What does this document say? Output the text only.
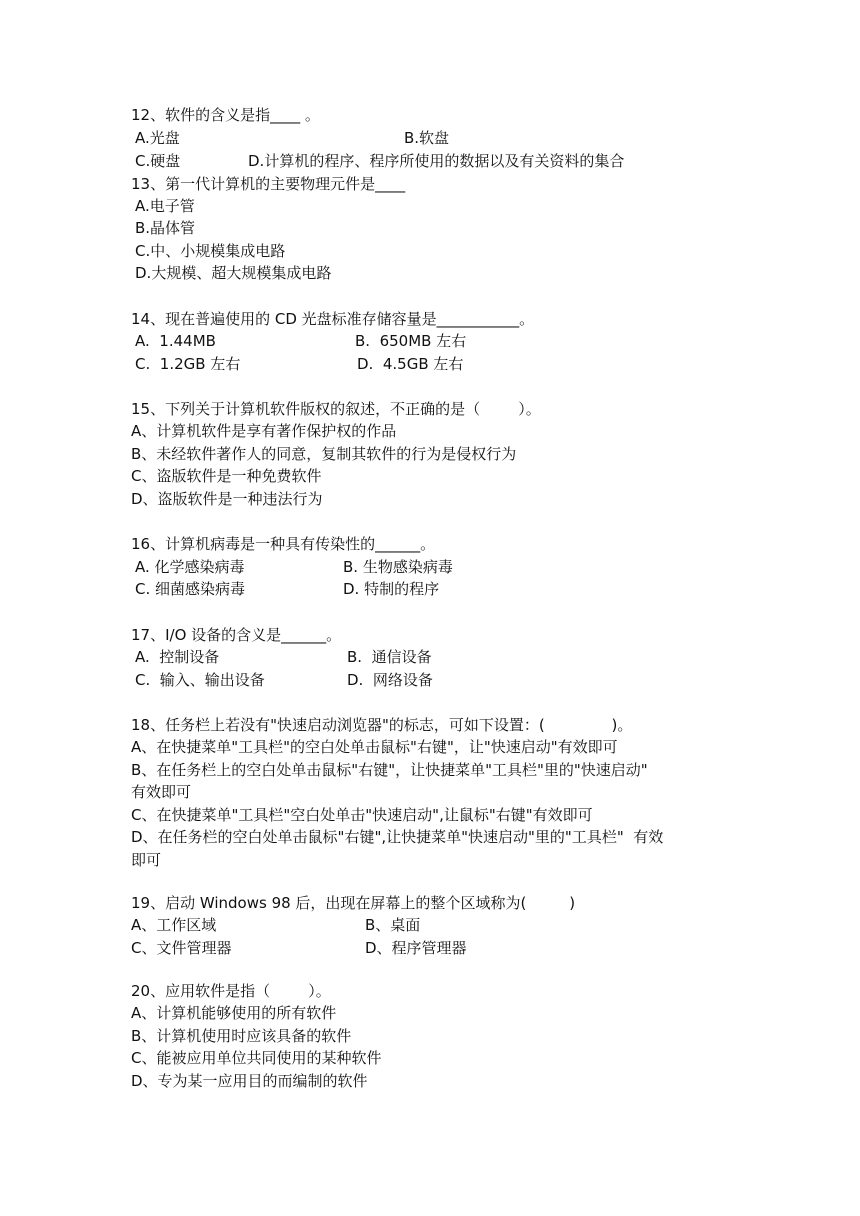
12、软件的含义是指____ 。
A.光盘	B.软盘
C.硬盘	D.计算机的程序、程序所使用的数据以及有关资料的集合
13、第一代计算机的主要物理元件是____
A.电子管
B.晶体管
C.中、小规模集成电路
D.大规模、超大规模集成电路
14、现在普遍使用的 CD 光盘标准存储容量是___________。
A.  1.44MB	B.  650MB 左右
C.  1.2GB 左右	D.  4.5GB 左右
15、下列关于计算机软件版权的叙述，不正确的是（        ）。
A、计算机软件是享有著作保护权的作品
B、未经软件著作人的同意，复制其软件的行为是侵权行为
C、盗版软件是一种免费软件
D、盗版软件是一种违法行为
16、计算机病毒是一种具有传染性的______。
A. 化学感染病毒	B. 生物感染病毒
C. 细菌感染病毒	D. 特制的程序
17、I/O 设备的含义是______。
A.  控制设备	B.  通信设备
C.  输入、输出设备	D.  网络设备
18、任务栏上若没有"快速启动浏览器"的标志，可如下设置：(              )。
A、在快捷菜单"工具栏"的空白处单击鼠标"右键"，让"快速启动"有效即可
B、在任务栏上的空白处单击鼠标"右键"，让快捷菜单"工具栏"里的"快速启动"
有效即可
C、在快捷菜单"工具栏"空白处单击"快速启动",让鼠标"右键"有效即可
D、在任务栏的空白处单击鼠标"右键",让快捷菜单"快速启动"里的"工具栏"  有效
即可
19、启动 Windows 98 后，出现在屏幕上的整个区域称为(         )
A、工作区域	B、桌面
C、文件管理器	D、程序管理器
20、应用软件是指（        ）。
A、计算机能够使用的所有软件
B、计算机使用时应该具备的软件
C、能被应用单位共同使用的某种软件
D、专为某一应用目的而编制的软件
